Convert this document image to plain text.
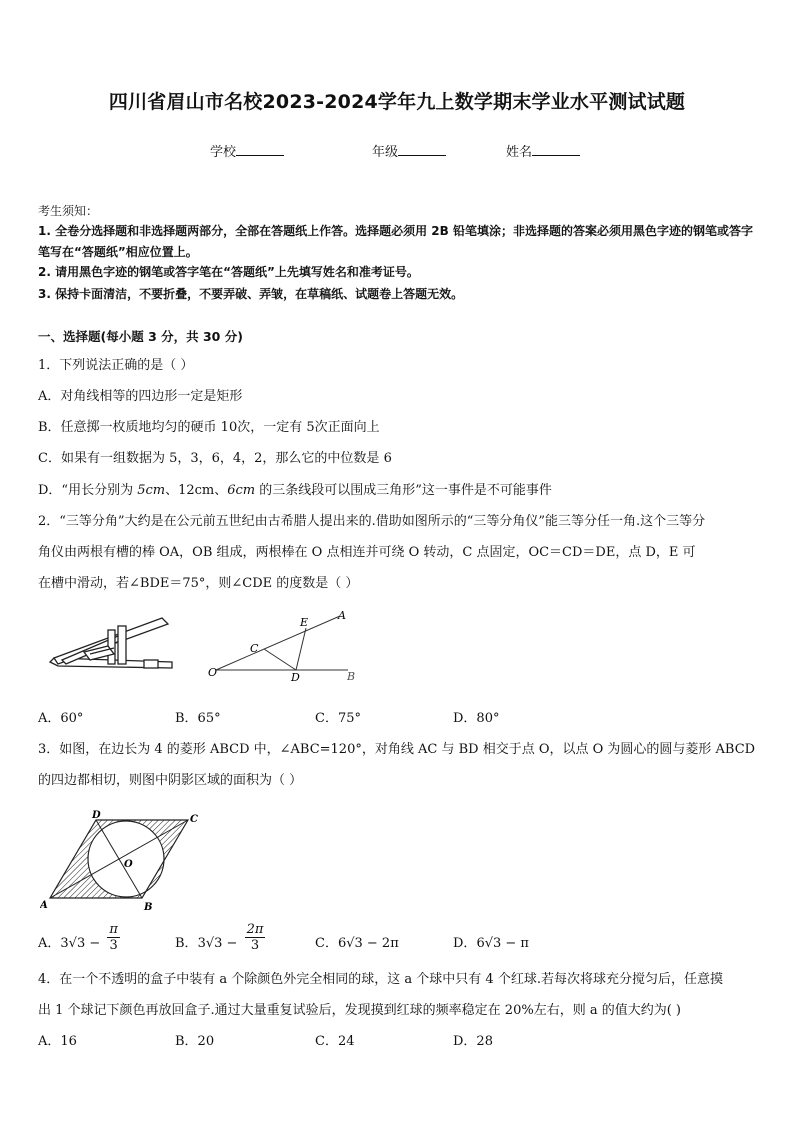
四川省眉山市名校2023-2024学年九上数学期末学业水平测试试题
学校	年级	姓名
考生须知：
1. 全卷分选择题和非选择题两部分，全部在答题纸上作答。选择题必须用 2B 铅笔填涂；非选择题的答案必须用黑色字迹的钢笔或答字笔写在“答题纸”相应位置上。
2. 请用黑色字迹的钢笔或答字笔在“答题纸”上先填写姓名和准考证号。
3. 保持卡面清洁，不要折叠，不要弄破、弄皱，在草稿纸、试题卷上答题无效。
一、选择题(每小题 3 分，共 30 分)
1．下列说法正确的是（ ）
A．对角线相等的四边形一定是矩形
B．任意掷一枚质地均匀的硬币 10次，一定有 5次正面向上
C．如果有一组数据为 5，3，6，4，2，那么它的中位数是 6
D．“用长分别为 5cm、12cm、6cm 的三条线段可以围成三角形”这一事件是不可能事件
2．“三等分角”大约是在公元前五世纪由古希腊人提出来的.借助如图所示的“三等分角仪”能三等分任一角.这个三等分
角仪由两根有槽的棒 OA，OB 组成，两根棒在 O 点相连并可绕 O 转动，C 点固定，OC＝CD＝DE，点 D，E 可
在槽中滑动，若∠BDE＝75°，则∠CDE 的度数是（ ）
O
C
D
E
A
B
A．60°	B．65°	C．75°	D．80°
3．如图，在边长为 4 的菱形 ABCD 中，∠ABC=120°，对角线 AC 与 BD 相交于点 O，以点 O 为圆心的圆与菱形 ABCD
的四边都相切，则图中阴影区域的面积为（ ）
A	B
C
D
O
A．$3√3 - \frac{\pi}{3}$	B．$3√3 - \frac{2\pi}{3}$	C．6√3 − 2π	D．6√3 − π
4．在一个不透明的盒子中装有 a 个除颜色外完全相同的球，这 a 个球中只有 4 个红球.若每次将球充分搅匀后，任意摸
出 1 个球记下颜色再放回盒子.通过大量重复试验后，发现摸到红球的频率稳定在 20%左右，则 a 的值大约为( )
A．16	B．20	C．24	D．28
